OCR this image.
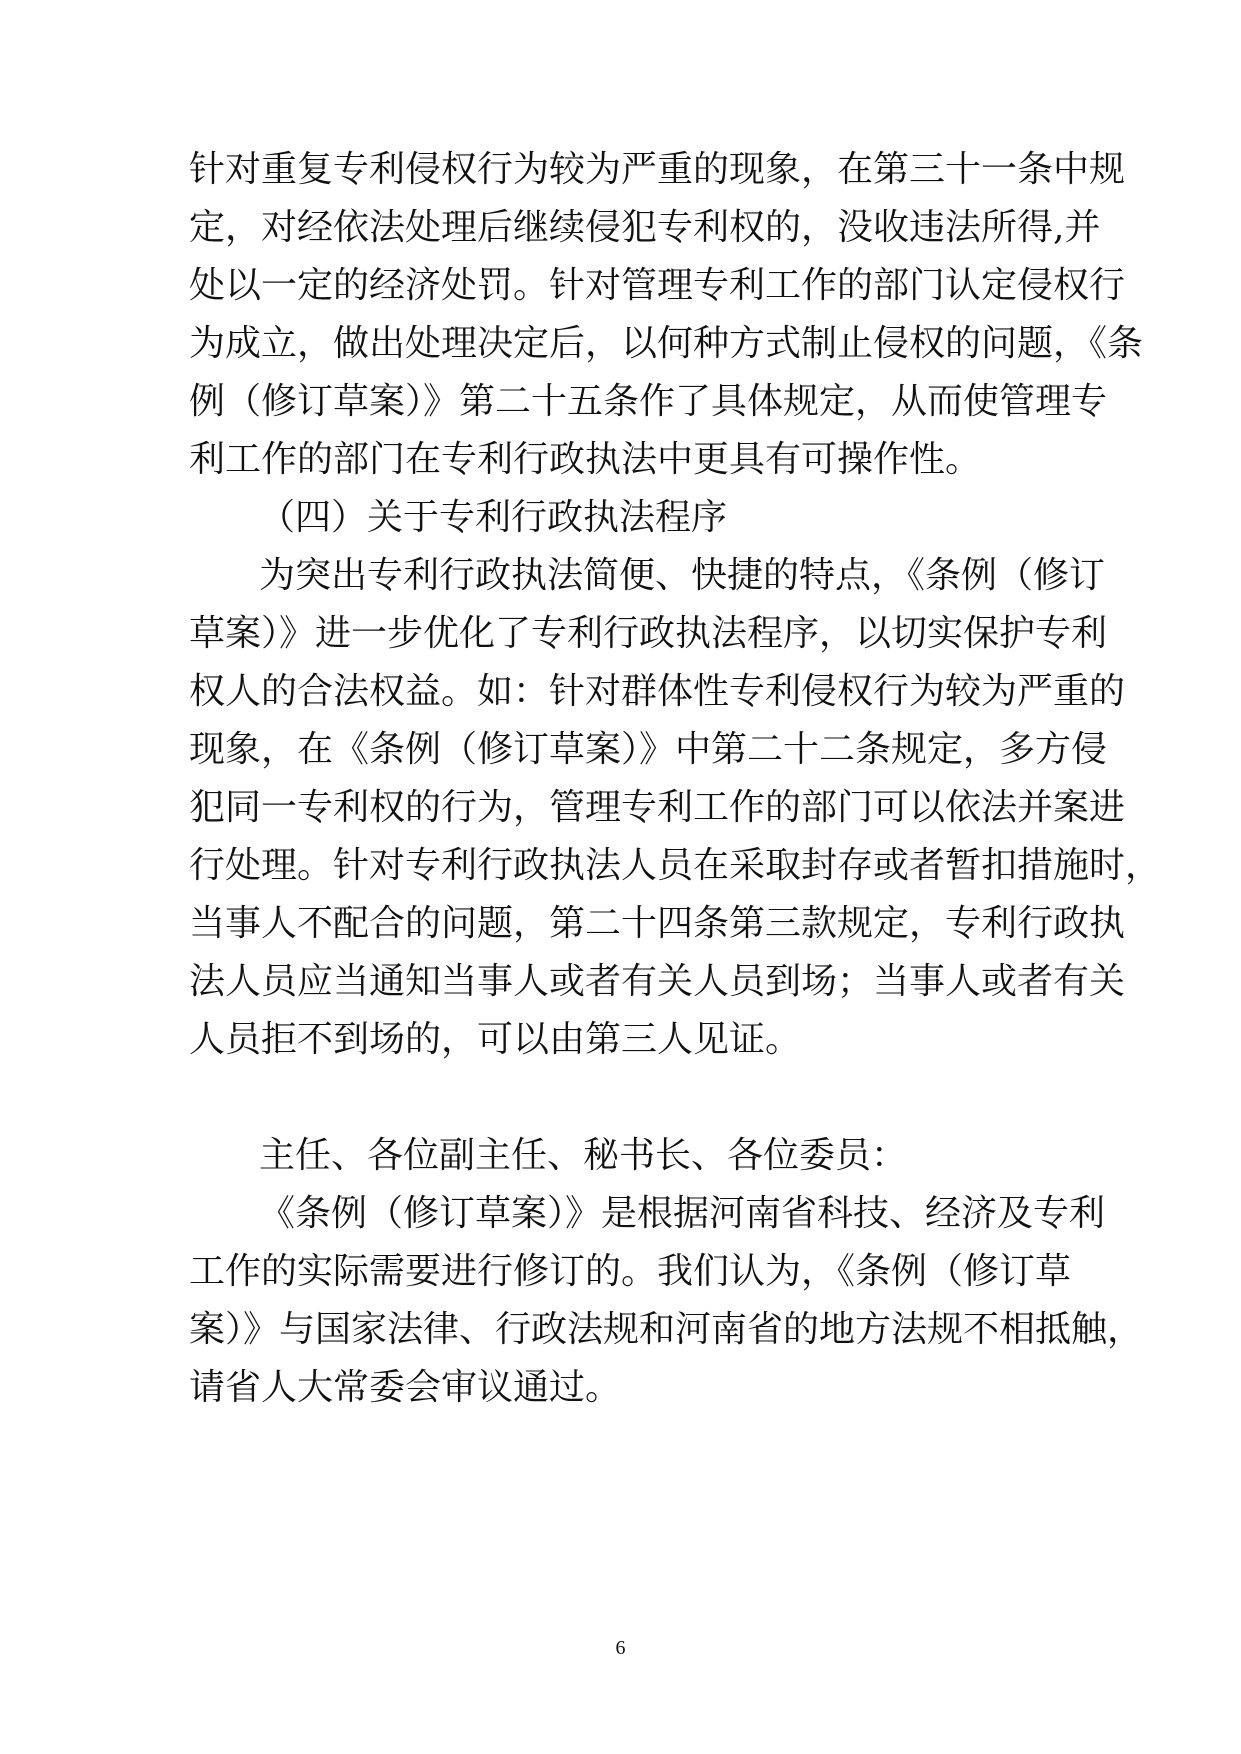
针对重复专利侵权行为较为严重的现象，在第三十一条中规
定，对经依法处理后继续侵犯专利权的，没收违法所得,并
处以一定的经济处罚。针对管理专利工作的部门认定侵权行
为成立，做出处理决定后，以何种方式制止侵权的问题，《条
例（修订草案）》第二十五条作了具体规定，从而使管理专
利工作的部门在专利行政执法中更具有可操作性。
（四）关于专利行政执法程序
为突出专利行政执法简便、快捷的特点，《条例（修订
草案）》进一步优化了专利行政执法程序，以切实保护专利
权人的合法权益。如：针对群体性专利侵权行为较为严重的
现象，在《条例（修订草案）》中第二十二条规定，多方侵
犯同一专利权的行为，管理专利工作的部门可以依法并案进
行处理。针对专利行政执法人员在采取封存或者暂扣措施时，
当事人不配合的问题，第二十四条第三款规定，专利行政执
法人员应当通知当事人或者有关人员到场；当事人或者有关
人员拒不到场的，可以由第三人见证。
主任、各位副主任、秘书长、各位委员：
《条例（修订草案）》是根据河南省科技、经济及专利
工作的实际需要进行修订的。我们认为，《条例（修订草
案）》与国家法律、行政法规和河南省的地方法规不相抵触，
请省人大常委会审议通过。
6
